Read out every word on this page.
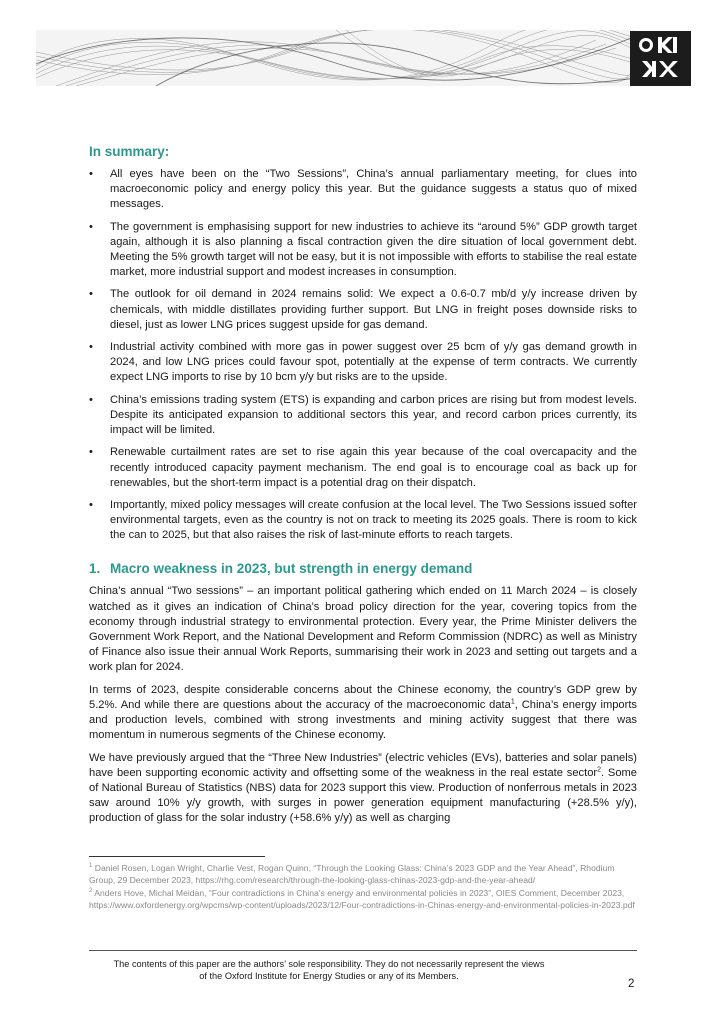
In summary:
• All eyes have been on the “Two Sessions”, China’s annual parliamentary meeting, for clues into macroeconomic policy and energy policy this year. But the guidance suggests a status quo of mixed messages.
• The government is emphasising support for new industries to achieve its “around 5%” GDP growth target again, although it is also planning a fiscal contraction given the dire situation of local government debt. Meeting the 5% growth target will not be easy, but it is not impossible with efforts to stabilise the real estate market, more industrial support and modest increases in consumption.
• The outlook for oil demand in 2024 remains solid: We expect a 0.6-0.7 mb/d y/y increase driven by chemicals, with middle distillates providing further support. But LNG in freight poses downside risks to diesel, just as lower LNG prices suggest upside for gas demand.
• Industrial activity combined with more gas in power suggest over 25 bcm of y/y gas demand growth in 2024, and low LNG prices could favour spot, potentially at the expense of term contracts. We currently expect LNG imports to rise by 10 bcm y/y but risks are to the upside.
• China’s emissions trading system (ETS) is expanding and carbon prices are rising but from modest levels. Despite its anticipated expansion to additional sectors this year, and record carbon prices currently, its impact will be limited.
• Renewable curtailment rates are set to rise again this year because of the coal overcapacity and the recently introduced capacity payment mechanism. The end goal is to encourage coal as back up for renewables, but the short-term impact is a potential drag on their dispatch.
• Importantly, mixed policy messages will create confusion at the local level. The Two Sessions issued softer environmental targets, even as the country is not on track to meeting its 2025 goals. There is room to kick the can to 2025, but that also raises the risk of last-minute efforts to reach targets.
1. Macro weakness in 2023, but strength in energy demand

China’s annual “Two sessions” – an important political gathering which ended on 11 March 2024 – is closely watched as it gives an indication of China’s broad policy direction for the year, covering topics from the economy through industrial strategy to environmental protection. Every year, the Prime Minister delivers the Government Work Report, and the National Development and Reform Commission (NDRC) as well as Ministry of Finance also issue their annual Work Reports, summarising their work in 2023 and setting out targets and a work plan for 2024.

In terms of 2023, despite considerable concerns about the Chinese economy, the country’s GDP grew by 5.2%. And while there are questions about the accuracy of the macroeconomic data$^1$, China’s energy imports and production levels, combined with strong investments and mining activity suggest that there was momentum in numerous segments of the Chinese economy.

We have previously argued that the “Three New Industries” (electric vehicles (EVs), batteries and solar panels) have been supporting economic activity and offsetting some of the weakness in the real estate sector$^2$. Some of National Bureau of Statistics (NBS) data for 2023 support this view. Production of nonferrous metals in 2023 saw around 10% y/y growth, with surges in power generation equipment manufacturing (+28.5% y/y), production of glass for the solar industry (+58.6% y/y) as well as charging

$^1$ Daniel Rosen, Logan Wright, Charlie Vest, Rogan Quinn, “Through the Looking Glass: China’s 2023 GDP and the Year Ahead”, Rhodium Group, 29 December 2023, https://rhg.com/research/through-the-looking-glass-chinas-2023-gdp-and-the-year-ahead/

$^2$ Anders Hove, Michal Meidan, “Four contradictions in China’s energy and environmental policies in 2023”, OIES Comment, December 2023, https://www.oxfordenergy.org/wpcms/wp-content/uploads/2023/12/Four-contradictions-in-Chinas-energy-and-environmental-policies-in-2023.pdf

The contents of this paper are the authors’ sole responsibility. They do not necessarily represent the views
of the Oxford Institute for Energy Studies or any of its Members.
2
